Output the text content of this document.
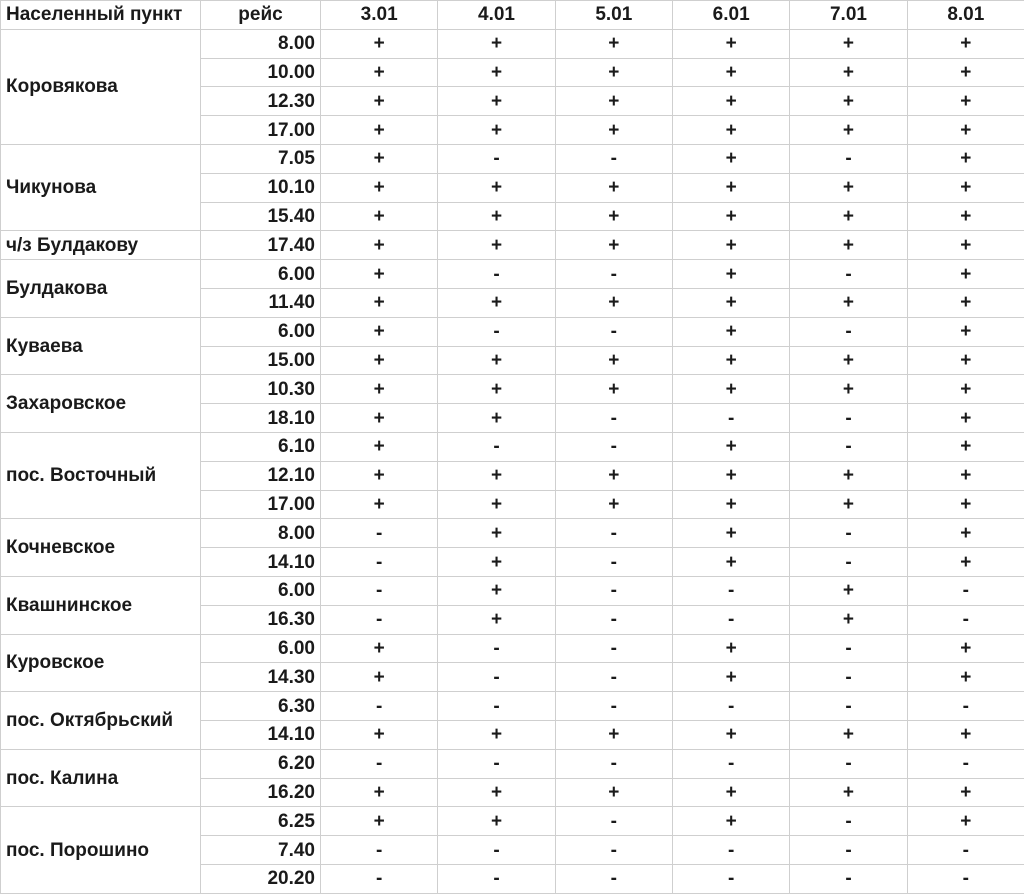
Населенный пункт	рейс	3.01	4.01	5.01	6.01	7.01	8.01
Коровякова	8.00	+	+	+	+	+	+
	10.00	+	+	+	+	+	+
	12.30	+	+	+	+	+	+
	17.00	+	+	+	+	+	+
Чикунова	7.05	+	-	-	+	-	+
	10.10	+	+	+	+	+	+
	15.40	+	+	+	+	+	+
ч/з Булдакову	17.40	+	+	+	+	+	+
Булдакова	6.00	+	-	-	+	-	+
	11.40	+	+	+	+	+	+
Куваева	6.00	+	-	-	+	-	+
	15.00	+	+	+	+	+	+
Захаровское	10.30	+	+	+	+	+	+
	18.10	+	+	-	-	-	+
пос. Восточный	6.10	+	-	-	+	-	+
	12.10	+	+	+	+	+	+
	17.00	+	+	+	+	+	+
Кочневское	8.00	-	+	-	+	-	+
	14.10	-	+	-	+	-	+
Квашнинское	6.00	-	+	-	-	+	-
	16.30	-	+	-	-	+	-
Куровское	6.00	+	-	-	+	-	+
	14.30	+	-	-	+	-	+
пос. Октябрьский	6.30	-	-	-	-	-	-
	14.10	+	+	+	+	+	+
пос. Калина	6.20	-	-	-	-	-	-
	16.20	+	+	+	+	+	+
пос. Порошино	6.25	+	+	-	+	-	+
	7.40	-	-	-	-	-	-
	20.20	-	-	-	-	-	-
